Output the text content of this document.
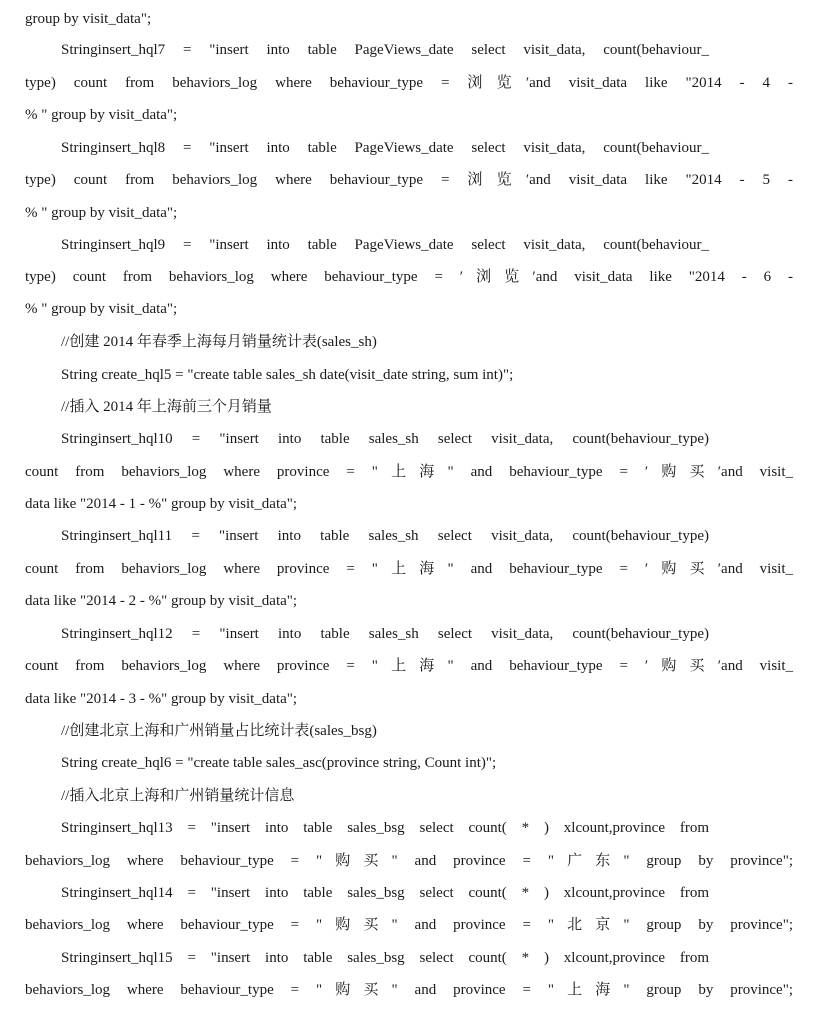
group by visit_data";
Stringinsert_hql7 = "insert into table PageViews_date select visit_data, count(behaviour_
type) count from behaviors_log where behaviour_type = 浏览′and visit_data like "2014 - 4 -
% " group by visit_data";
Stringinsert_hql8 = "insert into table PageViews_date select visit_data, count(behaviour_
type) count from behaviors_log where behaviour_type = 浏览′and visit_data like "2014 - 5 -
% " group by visit_data";
Stringinsert_hql9 = "insert into table PageViews_date select visit_data, count(behaviour_
type) count from behaviors_log where behaviour_type = ′浏览′and visit_data like "2014 - 6 -
% " group by visit_data";
//创建 2014 年春季上海每月销量统计表(sales_sh)
String create_hql5 = "create table sales_sh date(visit_date string, sum int)";
//插入 2014 年上海前三个月销量
Stringinsert_hql10 = "insert into table sales_sh select visit_data, count(behaviour_type)
count from behaviors_log where province = "上海" and behaviour_type = ′购买′and visit_
data like "2014 - 1 - %" group by visit_data";
Stringinsert_hql11 = "insert into table sales_sh select visit_data, count(behaviour_type)
count from behaviors_log where province = "上海" and behaviour_type = ′购买′and visit_
data like "2014 - 2 - %" group by visit_data";
Stringinsert_hql12 = "insert into table sales_sh select visit_data, count(behaviour_type)
count from behaviors_log where province = "上海" and behaviour_type = ′购买′and visit_
data like "2014 - 3 - %" group by visit_data";
//创建北京上海和广州销量占比统计表(sales_bsg)
String create_hql6 = "create table sales_asc(province string, Count int)";
//插入北京上海和广州销量统计信息
Stringinsert_hql13 = "insert into table sales_bsg select count( * ) xlcount,province from
behaviors_log where behaviour_type = "购买" and province = "广东" group by province";
Stringinsert_hql14 = "insert into table sales_bsg select count( * ) xlcount,province from
behaviors_log where behaviour_type = "购买" and province = "北京" group by province";
Stringinsert_hql15 = "insert into table sales_bsg select count( * ) xlcount,province from
behaviors_log where behaviour_type = "购买" and province = "上海" group by province";
